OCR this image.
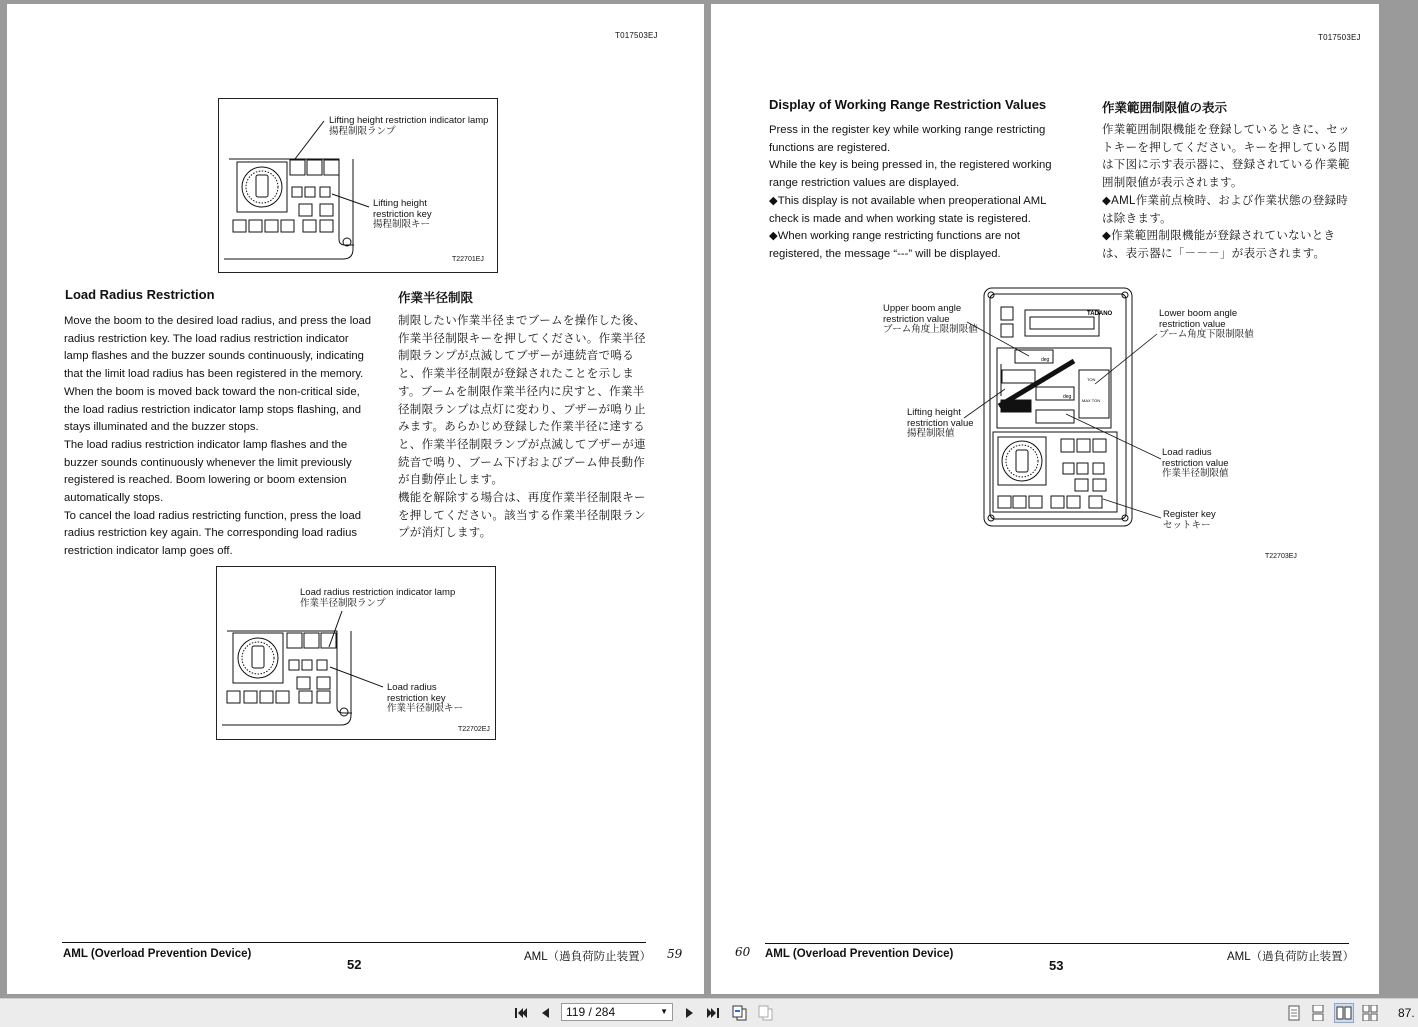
T017503EJ
Lifting height restriction indicator lamp
揚程制限ランプ
Lifting height
restriction key
揚程制限キー
T22701EJ
Load Radius Restriction	作業半径制限

Move the boom to the desired load radius, and press the load radius restriction key. The load radius restriction indicator lamp flashes and the buzzer sounds continuously, indicating that the limit load radius has been registered in the memory.

When the boom is moved back toward the non-critical side, the load radius restriction indicator lamp stops flashing, and stays illuminated and the buzzer stops.

The load radius restriction indicator lamp flashes and the buzzer sounds continuously whenever the limit previously registered is reached. Boom lowering or boom extension automatically stops.

To cancel the load radius restricting function, press the load radius restriction key again. The corresponding load radius restriction indicator lamp goes off.

制限したい作業半径までブームを操作した後、作業半径制限キーを押してください。作業半径制限ランプが点滅してブザーが連続音で鳴ると、作業半径制限が登録されたことを示します。ブームを制限作業半径内に戻すと、作業半径制限ランプは点灯に変わり、ブザーが鳴り止みます。あらかじめ登録した作業半径に達すると、作業半径制限ランプが点滅してブザーが連続音で鳴り、ブーム下げおよびブーム伸長動作が自動停止します。

機能を解除する場合は、再度作業半径制限キーを押してください。該当する作業半径制限ランプが消灯します。

Load radius restriction indicator lamp
作業半径制限ランプ
Load radius
restriction key
作業半径制限キー
T22702EJ
AML (Overload Prevention Device)
52	AML（過負荷防止装置） 59
T017503EJ
Display of Working Range Restriction Values	作業範囲制限値の表示

Press in the register key while working range restricting functions are registered.

While the key is being pressed in, the registered working range restriction values are displayed.

◆This display is not available when preoperational AML check is made and when working state is registered.

◆When working range restricting functions are not registered, the message “---” will be displayed.

作業範囲制限機能を登録しているときに、セットキーを押してください。キーを押している間は下図に示す表示器に、登録されている作業範囲制限値が表示されます。

◆AML作業前点検時、および作業状態の登録時は除きます。

◆作業範囲制限機能が登録されていないときは、表示器に「－－－」が表示されます。

TADANO
deg
deg
TON
MAX TON
Upper boom angle
restriction value
ブーム角度上限制限値
Lower boom angle
restriction value
ブーム角度下限制限値
Lifting height
restriction value
揚程制限値
Load radius
restriction value
作業半径制限値
Register key
セットキー
T22703EJ
60 AML (Overload Prevention Device)
53
AML（過負荷防止装置）
119 / 284	▼	87.
